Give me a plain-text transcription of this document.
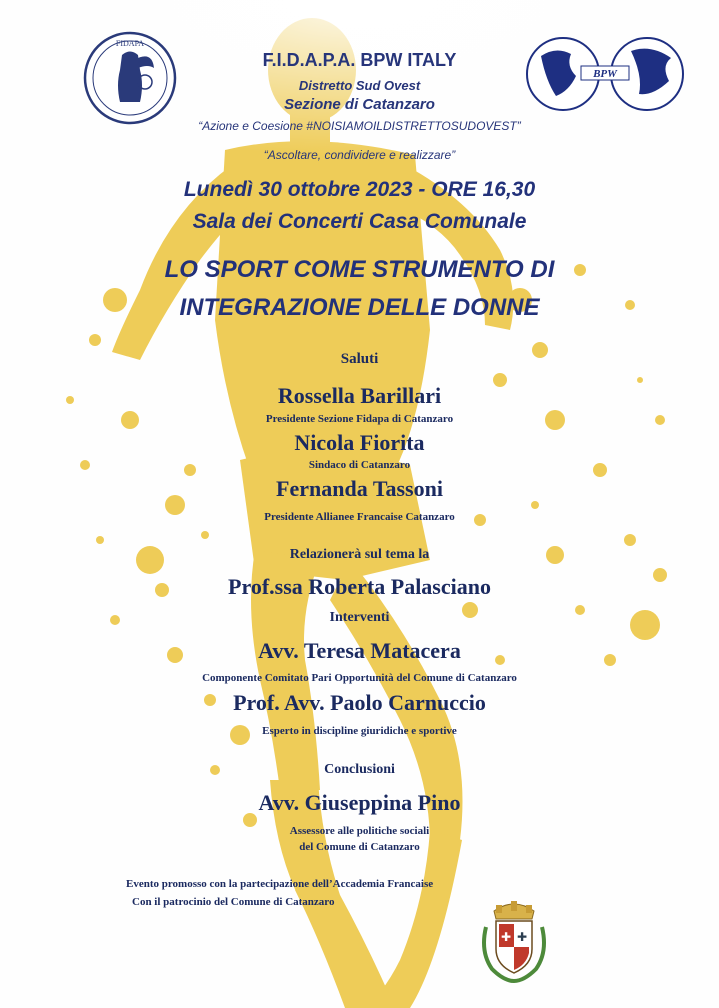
FIDAPA
BPW
F.I.D.A.P.A. BPW ITALY
Distretto Sud Ovest
Sezione di Catanzaro
“Azione e Coesione #NOISIAMOILDISTRETTOSUDOVEST”
“Ascoltare, condividere e realizzare”
Lunedì 30 ottobre 2023 - ORE 16,30
Sala dei Concerti Casa Comunale
LO SPORT COME STRUMENTO DI
INTEGRAZIONE DELLE DONNE
Saluti
Rossella Barillari
Presidente Sezione Fidapa di Catanzaro
Nicola Fiorita
Sindaco di Catanzaro
Fernanda Tassoni
Presidente Allianee Francaise Catanzaro
Relazionerà sul tema la
Prof.ssa Roberta Palasciano
Interventi
Avv. Teresa Matacera
Componente Comitato Pari Opportunità del Comune di Catanzaro
Prof. Avv. Paolo Carnuccio
Esperto in discipline giuridiche e sportive
Conclusioni
Avv. Giuseppina Pino
Assessore alle politiche sociali
del Comune di Catanzaro
Evento promosso con la partecipazione dell’Accademia Francaise
Con il patrocinio del Comune di Catanzaro
✚ ✚
